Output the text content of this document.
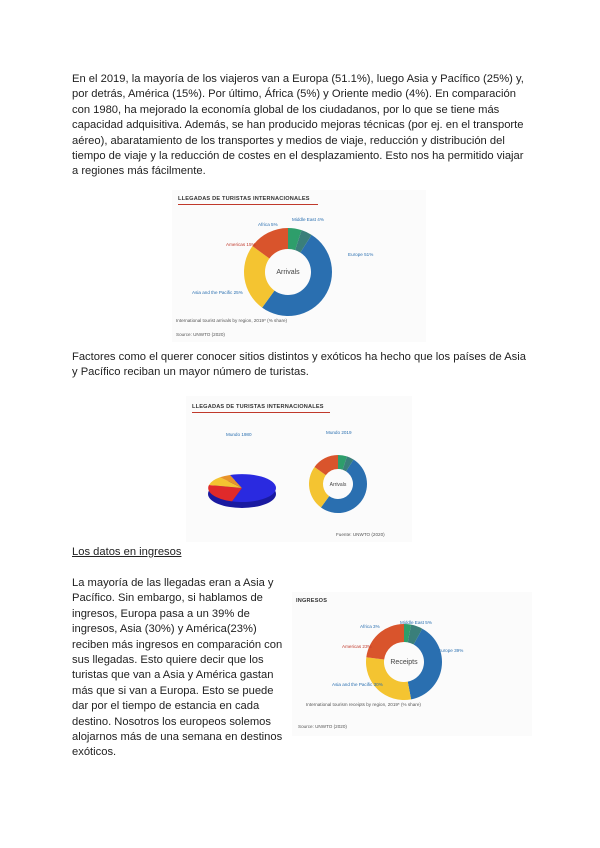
En el 2019, la mayoría de los viajeros van a Europa (51.1%), luego Asia y Pacífico (25%) y, por detrás, América (15%). Por último, África (5%) y Oriente medio (4%). En comparación con 1980, ha mejorado la economía global de los ciudadanos, por lo que se tiene más capacidad adquisitiva. Además, se han producido mejoras técnicas (por ej. en el transporte aéreo), abaratamiento de los transportes y medios de viaje, reducción y distribución del tiempo de viaje y la reducción de costes en el desplazamiento. Esto nos ha permitido viajar a regiones más fácilmente.

LLEGADAS DE TURISTAS INTERNACIONALES
Arrivals
Africa 5%
Middle East 4%
Europe 51%
Americas 15%
Asia and the Pacific 25%
International tourist arrivals by region, 2019* (% share)
Source: UNWTO (2020)

Factores como el querer conocer sitios distintos y exóticos ha hecho que los países de Asia y Pacífico reciban un mayor número de turistas.

LLEGADAS DE TURISTAS INTERNACIONALES
Mundo 1980	Mundo 2019
Arrivals
Fuente: UNWTO (2020)

Los datos en ingresos

La mayoría de las llegadas eran a Asia y Pacífico. Sin embargo, si hablamos de ingresos, Europa pasa a un 39% de ingresos, Asia (30%) y América(23%) reciben más ingresos en comparación con sus llegadas. Esto quiere decir que los turistas que van a Asia y América gastan más que si van a Europa. Esto se puede dar por el tiempo de estancia en cada destino. Nosotros los europeos solemos alojarnos más de una semana en destinos exóticos.

INGRESOS
Receipts
Africa 3%
Middle East 5%
Europe 39%
Americas 23%
Asia and the Pacific 30%
International tourism receipts by region, 2019* (% share)
Source: UNWTO (2020)
